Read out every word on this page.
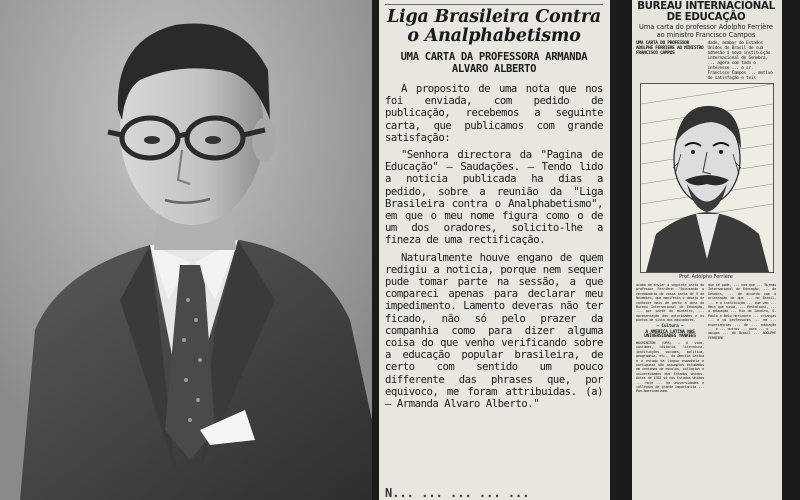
Liga Brasileira Contra o Analphabetismo
UMA CARTA DA PROFESSORA ARMANDA ALVARO ALBERTO

A proposito de uma nota que nos foi enviada, com pedido de publicação, recebemos a seguinte carta, que publicamos com grande satisfação:

"Senhora directora da "Pagina de Educação" — Saudações. — Tendo lido a noticia publicada ha dias a pedido, sobre a reunião da "Liga Brasileira contra o Analphabetismo", em que o meu nome figura como o de um dos oradores, solicito-lhe a fineza de uma rectificação.

Naturalmente houve engano de quem redigiu a noticia, porque nem sequer pude tomar parte na sessão, a que compareci apenas para declarar meu impedimento. Lamento deveras não ter ficado, não só pelo prazer da companhia como para dizer alguma coisa do que venho verificando sobre a educação popular brasileira, de certo com sentido um pouco differente das phrases que, por equivoco, me foram attribuidas. (a) — Armanda Alvaro Alberto."

N... ... ... ... ...
BUREAU INTERNACIONAL DE EDUCAÇÃO
Uma carta do professor Adolpho Ferrière ao ministro Francisco Campos
UMA CARTA DO PROFESSOR ADOLPHE FERRIERE AO MINISTRO FRANCISCO CAMPOS
dade, acabar de Estados Unidos do Brasil de sua adhesão á nova instituição internacional de Genebra, ... agora com todo o interesse ... o sr. Francisco Campos ... motivo de satisfação e teis
Prof. Adolpho Ferrière
acaba de enviar a seguinte carta do professor Ferrière: "Accusando o recebimento de vossa carta de 9 de Novembro, que manifesta o desejo de conhecer mais de perto a obra do Bureau Internacional de Educação, ... por parte do ministro, ... apresentação das autoridades e os pontos de vista dos educadores.
— Cultura —
A AMERICA LATINA NAS UNIVERSIDADES YANKEES
WASHINGTON (UPA) — A vida, costumes, historia, literatura, instituições sociaes, politica, geographia, etc., da America Latina e o estudo da lingua espanhola e portugueza são assumptos estudados em centenas de escolas, collegios e universidades dos Estados Unidos. Antes de 1932 só nos Estados Unidos ... hoje ... ha universidades e collegios de grande importancia ... Pan-Americanismo.
que se pode, ... com que ... Bureau Internacional de Educação, ... de Genebra, ... de accordo com a orientação de que ... no Brasil, ... e a instituição ... que vem ... Mais que nunca, ... Pestaloxxi, ... a educação ... Rio de Janeiro, S. Paulo e Belo Horizonte ... crianças ... e os professores ... em ... experiencias ... de ... educação ... e ... outros ... para ... o ... amigos ... do Brasil ... ADOLPHE FERRIERE
